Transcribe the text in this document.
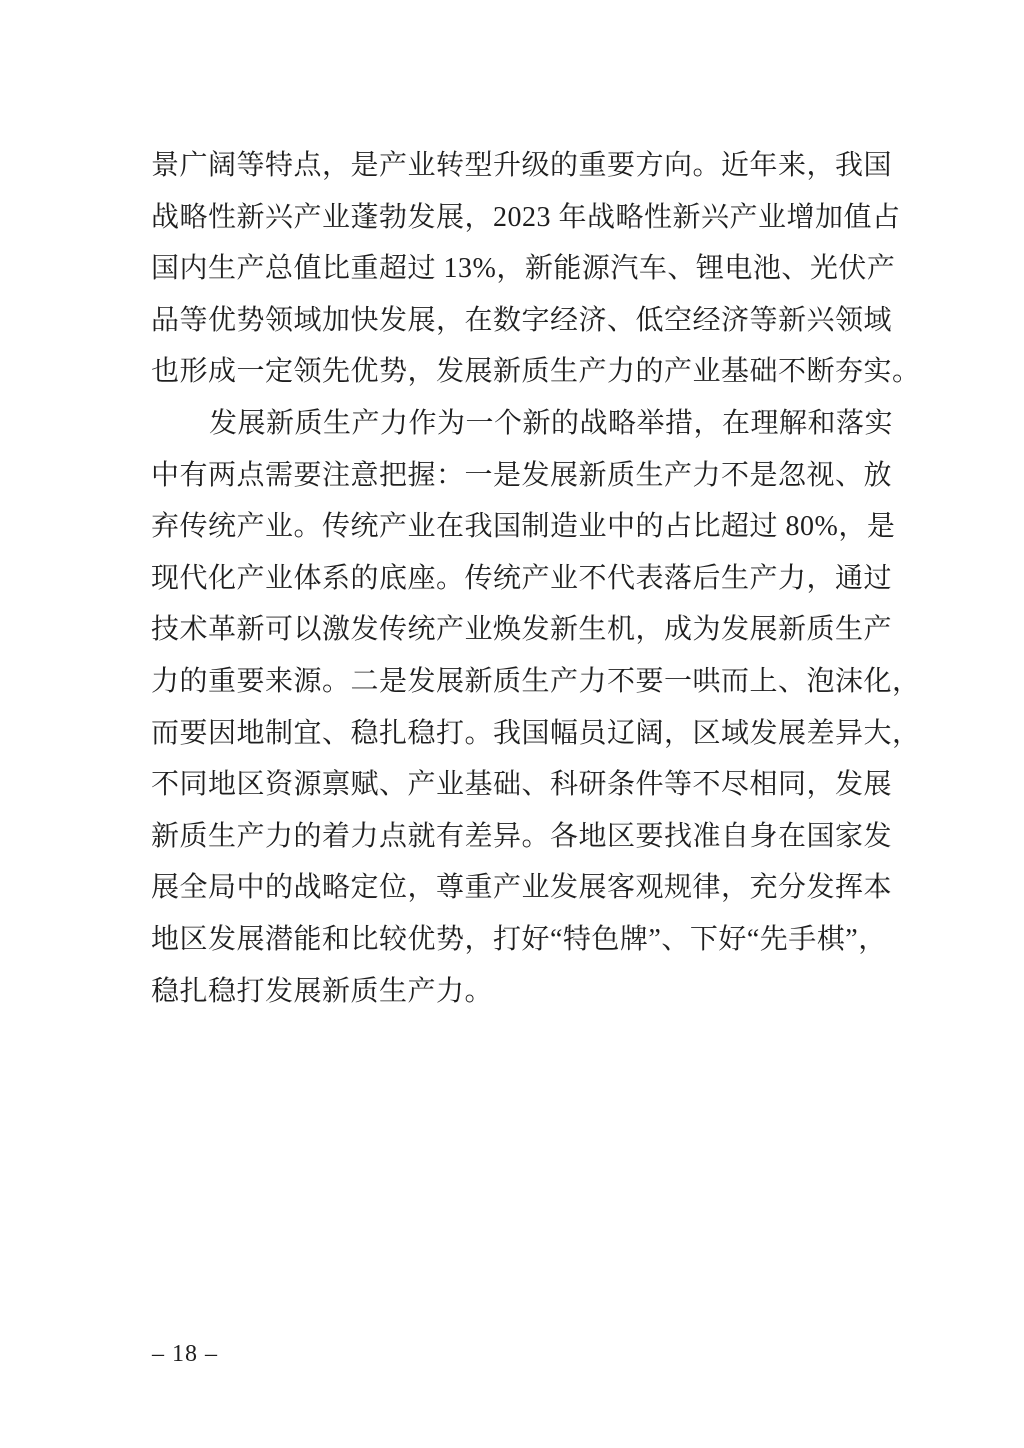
景广阔等特点，是产业转型升级的重要方向。近年来，我国
战略性新兴产业蓬勃发展，2023 年战略性新兴产业增加值占
国内生产总值比重超过 13%，新能源汽车、锂电池、光伏产
品等优势领域加快发展，在数字经济、低空经济等新兴领域
也形成一定领先优势，发展新质生产力的产业基础不断夯实。
发展新质生产力作为一个新的战略举措，在理解和落实
中有两点需要注意把握：一是发展新质生产力不是忽视、放
弃传统产业。传统产业在我国制造业中的占比超过 80%，是
现代化产业体系的底座。传统产业不代表落后生产力，通过
技术革新可以激发传统产业焕发新生机，成为发展新质生产
力的重要来源。二是发展新质生产力不要一哄而上、泡沫化，
而要因地制宜、稳扎稳打。我国幅员辽阔，区域发展差异大，
不同地区资源禀赋、产业基础、科研条件等不尽相同，发展
新质生产力的着力点就有差异。各地区要找准自身在国家发
展全局中的战略定位，尊重产业发展客观规律，充分发挥本
地区发展潜能和比较优势，打好“特色牌”、下好“先手棋”，
稳扎稳打发展新质生产力。
– 18 –
